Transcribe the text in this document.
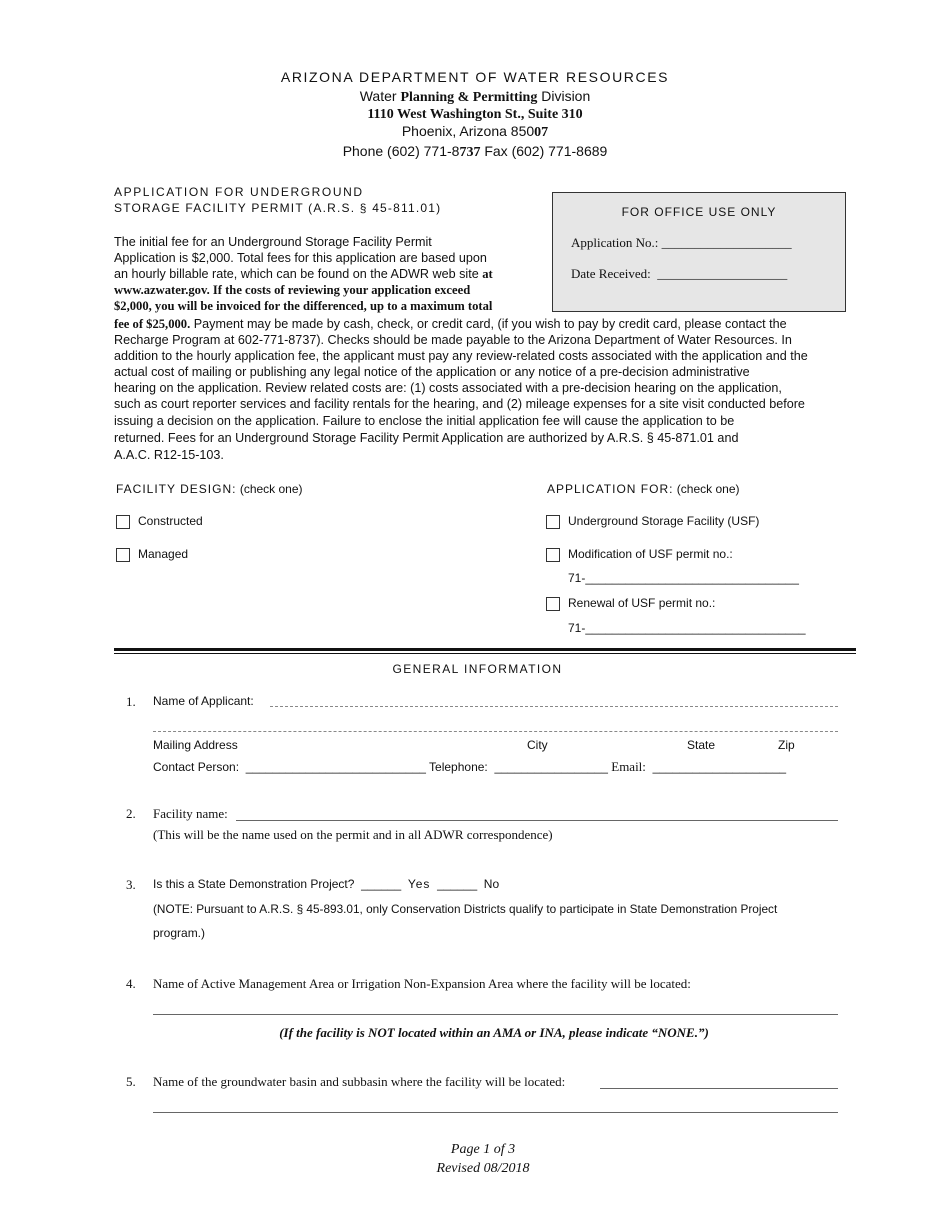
ARIZONA DEPARTMENT OF WATER RESOURCES
Water Planning & Permitting Division
1110 West Washington St., Suite 310
Phoenix, Arizona 85007
Phone (602) 771-8737 Fax (602) 771-8689
APPLICATION FOR UNDERGROUND
STORAGE FACILITY PERMIT (A.R.S. § 45-811.01)	FOR OFFICE USE ONLY
Application No.: ____________________
Date Received: ____________________
The initial fee for an Underground Storage Facility Permit
Application is $2,000. Total fees for this application are based upon
an hourly billable rate, which can be found on the ADWR web site at
www.azwater.gov. If the costs of reviewing your application exceed
$2,000, you will be invoiced for the differenced, up to a maximum total
fee of $25,000. Payment may be made by cash, check, or credit card, (if you wish to pay by credit card, please contact the
Recharge Program at 602-771-8737). Checks should be made payable to the Arizona Department of Water Resources. In
addition to the hourly application fee, the applicant must pay any review-related costs associated with the application and the
actual cost of mailing or publishing any legal notice of the application or any notice of a pre-decision administrative
hearing on the application. Review related costs are: (1) costs associated with a pre-decision hearing on the application,
such as court reporter services and facility rentals for the hearing, and (2) mileage expenses for a site visit conducted before
issuing a decision on the application. Failure to enclose the initial application fee will cause the application to be
returned. Fees for an Underground Storage Facility Permit Application are authorized by A.R.S. § 45-871.01 and
A.A.C. R12-15-103.
FACILITY DESIGN: (check one)
Constructed
Managed
APPLICATION FOR: (check one)
Underground Storage Facility (USF)
Modification of USF permit no.:
71-________________________________
Renewal of USF permit no.:
71-_________________________________
GENERAL INFORMATION
1. Name of Applicant:
Mailing Address	City	State	Zip
Contact Person: ___________________________ Telephone: _________________ Email: ____________________
2. Facility name:
(This will be the name used on the permit and in all ADWR correspondence)
3. Is this a State Demonstration Project? ______ Yes ______ No
(NOTE: Pursuant to A.R.S. § 45-893.01, only Conservation Districts qualify to participate in State Demonstration Project
program.)
4. Name of Active Management Area or Irrigation Non-Expansion Area where the facility will be located:
(If the facility is NOT located within an AMA or INA, please indicate “NONE.”)
5. Name of the groundwater basin and subbasin where the facility will be located:
Page 1 of 3
Revised 08/2018
